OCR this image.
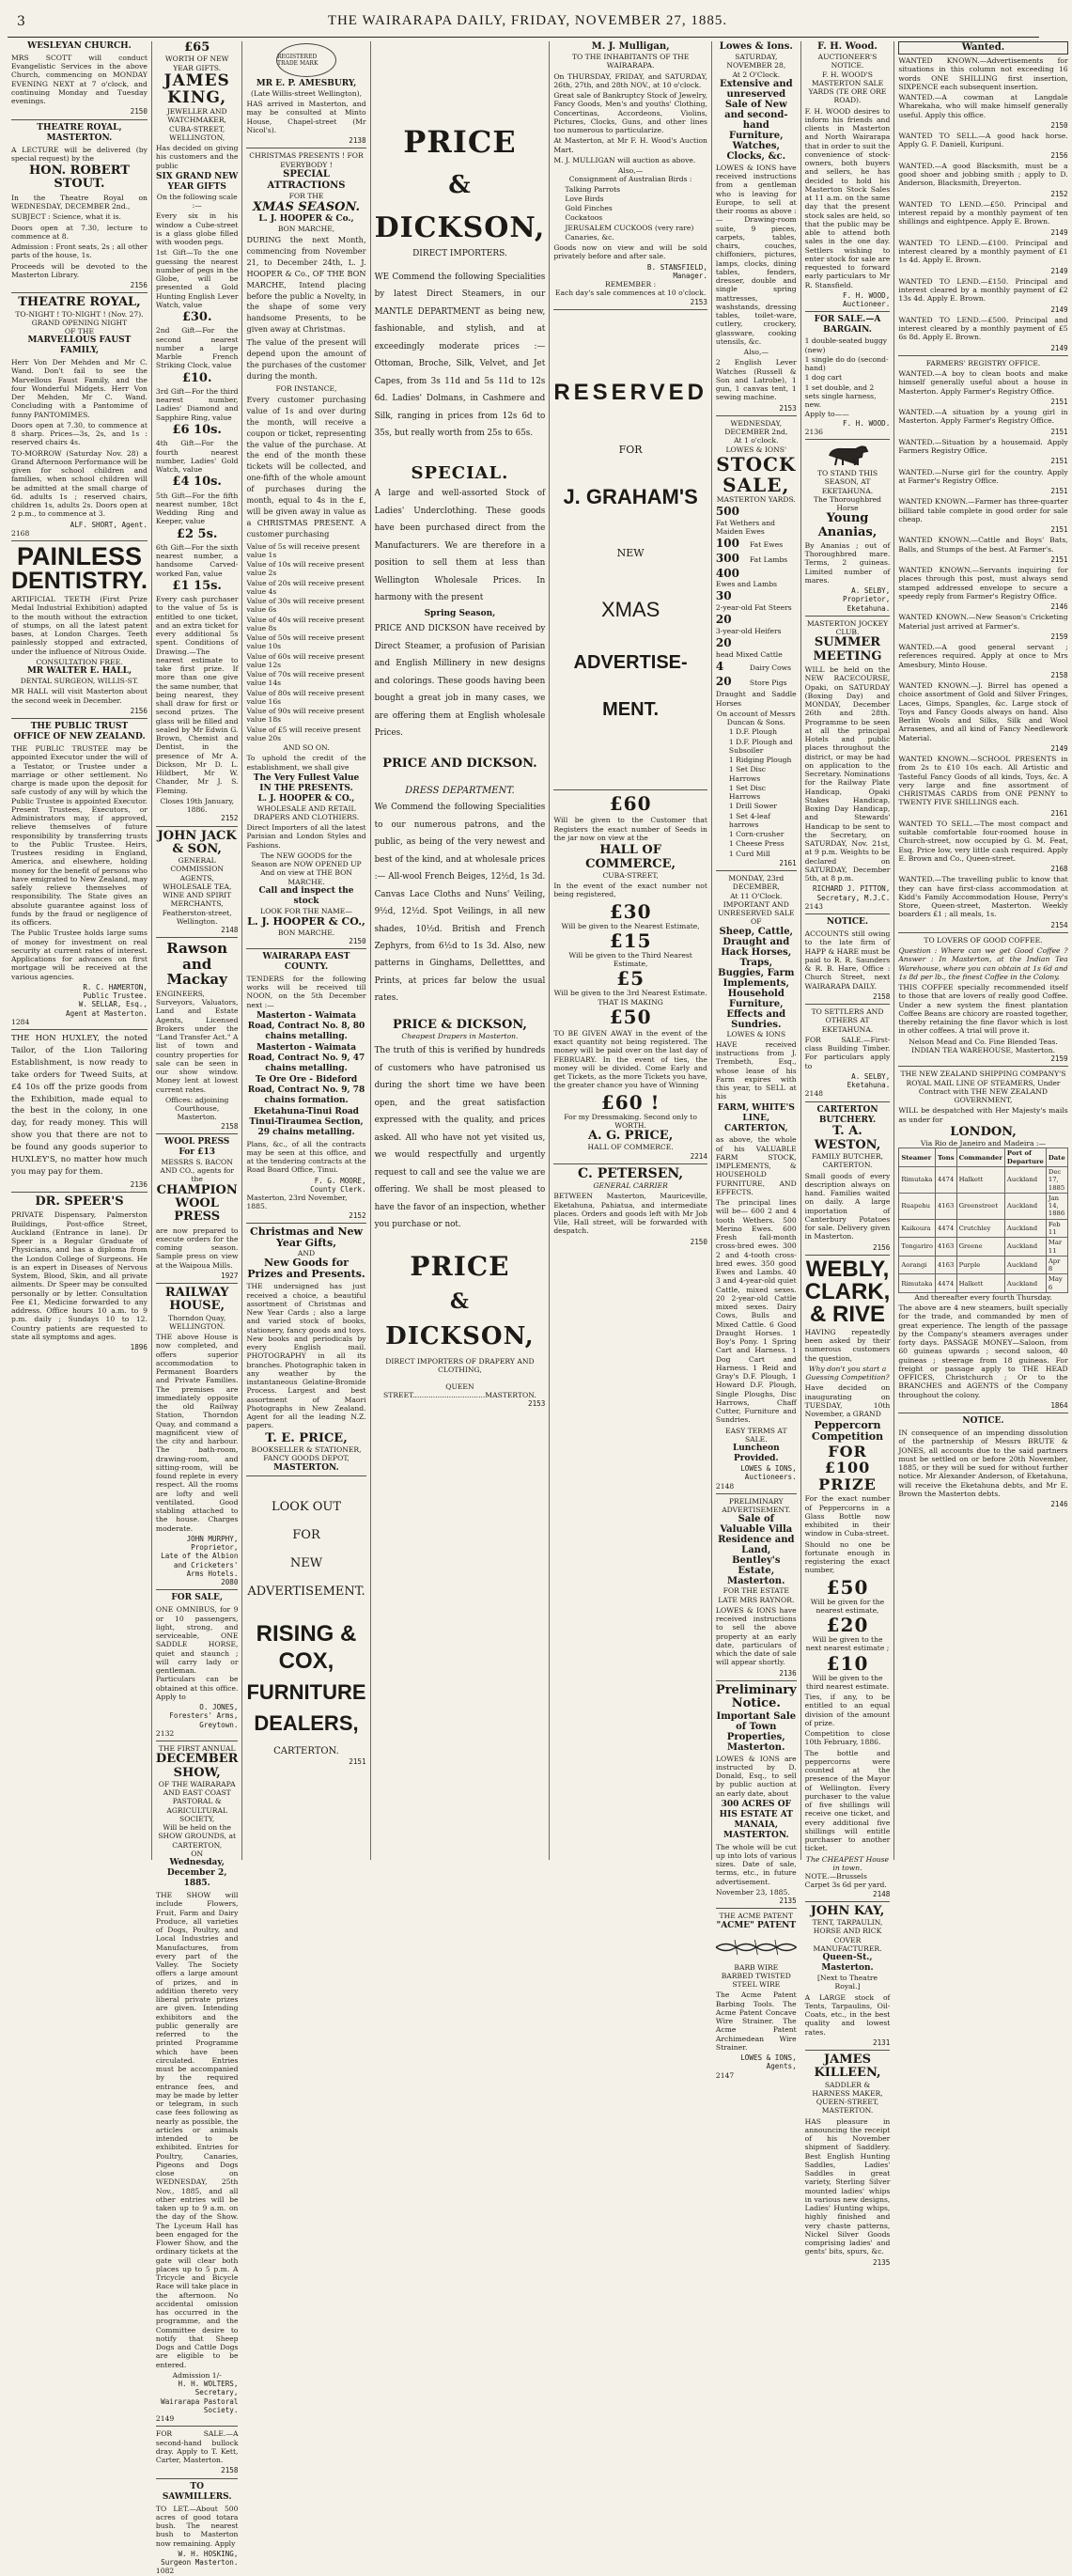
3	THE WAIRARAPA DAILY, FRIDAY, NOVEMBER 27, 1885.
WESLEYAN CHURCH.

MRS SCOTT will conduct Evangelistic Services in the above Church, commencing on MONDAY EVENING NEXT at 7 o'clock, and continuing Monday and Tuesday evenings.

2150
THEATRE ROYAL, MASTERTON.

A LECTURE will be delivered (by special request) by the

HON. ROBERT STOUT.

In the Theatre Royal on WEDNESDAY, DECEMBER 2nd.,

SUBJECT : Science, what it is.

Doors open at 7.30, lecture to commence at 8.

Admission : Front seats, 2s ; all other parts of the house, 1s.

Proceeds will be devoted to the Masterton Library.

2156
THEATRE ROYAL,
TO-NIGHT ! TO-NIGHT ! (Nov. 27).
GRAND OPENING NIGHT
OF THE
MARVELLOUS FAUST FAMILY,

Herr Von Der Mehden and Mr C. Wand. Don't fail to see the Marvellous Faust Family, and the four Wonderful Midgets. Herr Von Der Mehden, Mr C. Wand. Concluding with a Pantomime of funny PANTOMIMES.

Doors open at 7.30, to commence at 8 sharp. Prices—3s, 2s, and 1s : reserved chairs 4s.

TO-MORROW (Saturday Nov. 28) a Grand Afternoon Performance will be given for school children and families, when school children will be admitted at the small charge of 6d. adults 1s ; reserved chairs, children 1s, adults 2s. Doors open at 2 p.m., to commence at 3.

ALF. SHORT, Agent.
2168
PAINLESS
DENTISTRY.

ARTIFICIAL TEETH (First Prize Medal Industrial Exhibition) adapted to the mouth without the extraction of stumps, on all the latest patent bases, at London Charges. Teeth painlessly stopped and extracted, under the influence of Nitrous Oxide.

CONSULTATION FREE.
MR WALTER E. HALL,
DENTAL SURGEON, WILLIS-ST.

MR HALL will visit Masterton about the second week in December.

2156
THE PUBLIC TRUST OFFICE OF NEW ZEALAND.

THE PUBLIC TRUSTEE may be appointed Executor under the will of a Testator, or Trustee under a marriage or other settlement. No charge is made upon the deposit for safe custody of any will by which the Public Trustee is appointed Executor. Present Trustees, Executors, or Administrators may, if approved, relieve themselves of future responsibility by transferring trusts to the Public Trustee. Heirs, Trustees residing in England, America, and elsewhere, holding money for the benefit of persons who have emigrated to New Zealand, may safely relieve themselves of responsibility. The State gives an absolute guarantee against loss of funds by the fraud or negligence of its officers.

The Public Trustee holds large sums of money for investment on real security at current rates of interest. Applications for advances on first mortgage will be received at the various agencies.

R. C. HAMERTON,
Public Trustee.
W. SELLAR, Esq.,
Agent at Masterton.
1284

THE HON HUXLEY, the noted Tailor, of the Lion Tailoring Establishment, is now ready to take orders for Tweed Suits, at £4 10s off the prize goods from the Exhibition, made equal to the best in the colony, in one day, for ready money. This will show you that there are not to be found any goods superior to HUXLEY'S, no matter how much you may pay for them.

2136
DR. SPEER'S

PRIVATE Dispensary, Palmerston Buildings, Post-office Street, Auckland (Entrance in lane). Dr Speer is a Regular Graduate of Physicians, and has a diploma from the London College of Surgeons. He is an expert in Diseases of Nervous System, Blood, Skin, and all private ailments. Dr Speer may be consulted personally or by letter. Consultation Fee £1, Medicine forwarded to any address. Office hours 10 a.m. to 9 p.m. daily ; Sundays 10 to 12. Country patients are requested to state all symptoms and ages.

1896
£65
WORTH OF NEW YEAR GIFTS.
JAMES KING,
JEWELLER AND WATCHMAKER,
CUBA-STREET, WELLINGTON,

Has decided on giving his customers and the public

SIX GRAND NEW YEAR GIFTS
On the following scale :—

Every six in his window a Cube-street is a glass globe filled with wooden pegs.

1st Gift—To the one guessing the nearest number of pegs in the Globe, will be presented a Gold Hunting English Lever Watch, value

£30.

2nd Gift—For the second nearest number a large Marble French Striking Clock, value

£10.

3rd Gift—For the third nearest number, Ladies' Diamond and Sapphire Ring, value

£6 10s.

4th Gift—For the fourth nearest number, Ladies' Gold Watch, value

£4 10s.

5th Gift—For the fifth nearest number, 18ct Wedding Ring and Keeper, value

£2 5s.

6th Gift—For the sixth nearest number, a handsome Carved-worked Fan, value

£1 15s.

Every cash purchaser to the value of 5s is entitled to one ticket, and an extra ticket for every additional 5s spent. Conditions of Drawing.—The nearest estimate to take first prize. If more than one give the same number, that being nearest, they shall draw for first or second prizes. The glass will be filled and sealed by Mr Edwin G. Brown, Chemist and Dentist, in the presence of Mr A. Dickson, Mr D. L. Hildbert, Mr W. Chander, Mr J. S. Fleming.

Closes 19th January, 1886.
2152
JOHN JACK & SON,
GENERAL COMMISSION AGENTS, WHOLESALE TEA, WINE AND SPIRIT MERCHANTS,
Featherston-street, Wellington.
2148
Rawson and Mackay

ENGINEERS, Surveyors, Valuators, Land and Estate Agents, Licensed Brokers under the "Land Transfer Act." A list of town and country properties for sale can be seen in our show window. Money lent at lowest current rates.

Offices: adjoining Courthouse, Masterton.
2158
WOOL PRESS For £13
MESSRS S. BACON AND CO., agents for the
CHAMPION WOOL PRESS

are now prepared to execute orders for the coming season. Sample press on view at the Waipoua Mills.

1927
RAILWAY HOUSE,
Thorndon Quay, WELLINGTON.

THE above House is now completed, and offers superior accommodation to Permanent Boarders and Private Families. The premises are immediately opposite the old Railway Station, Thorndon Quay, and command a magnificent view of the city and harbour. The bath-room, drawing-room, and sitting-room, will be found replete in every respect. All the rooms are lofty and well ventilated. Good stabling attached to the house. Charges moderate.

JOHN MURPHY, Proprietor,
Late of the Albion and Cricketers' Arms Hotels.
2080
FOR SALE,

ONE OMNIBUS, for 9 or 10 passengers, light, strong, and serviceable, ONE SADDLE HORSE, quiet and staunch ; will carry lady or gentleman. Particulars can be obtained at this office. Apply to

O. JONES,
Foresters' Arms, Greytown.
2132
THE FIRST ANNUAL
DECEMBER SHOW,
OF THE WAIRARAPA AND EAST COAST PASTORAL & AGRICULTURAL SOCIETY,
Will be held on the SHOW GROUNDS, at CARTERTON,
ON
Wednesday, December 2, 1885.

THE SHOW will include Flowers, Fruit, Farm and Dairy Produce, all varieties of Dogs, Poultry, and Local Industries and Manufactures, from every part of the Valley. The Society offers a large amount of prizes, and in addition thereto very liberal private prizes are given. Intending exhibitors and the public generally are referred to the printed Programme which have been circulated. Entries must be accompanied by the required entrance fees, and may be made by letter or telegram, in such case fees following as nearly as possible, the articles or animals intended to be exhibited. Entries for Poultry, Canaries, Pigeons and Dogs close on WEDNESDAY, 25th Nov., 1885, and all other entries will be taken up to 9 a.m. on the day of the Show. The Lyceum Hall has been engaged for the Flower Show, and the ordinary tickets at the gate will clear both places up to 5 p.m. A Tricycle and Bicycle Race will take place in the afternoon. No accidental omission has occurred in the programme, and the Committee desire to notify that Sheep Dogs and Cattle Dogs are eligible to be entered.

Admission 1/-
H. H. WOLTERS,
Secretary,
Wairarapa Pastoral Society.
2149

FOR SALE.—A second-hand bullock dray. Apply to T. Kett, Carter, Masterton.

2158
TO SAWMILLERS.

TO LET.—About 500 acres of good totara bush. The nearest bush to Masterton now remaining. Apply

W. H. HOSKING,
Surgeon Masterton.
1082
REGISTERED TRADE MARK
MR E. P. AMESBURY,
(Late Willis-street Wellington),

HAS arrived in Masterton, and may be consulted at Minto House, Chapel-street (Mr Nicol's).

2138
CHRISTMAS PRESENTS ! FOR EVERYBODY !
SPECIAL ATTRACTIONS
FOR THE
XMAS SEASON.
L. J. HOOPER & Co.,
BON MARCHE,

DURING the next Month, commencing from November 21, to December 24th, L. J. HOOPER & Co., OF THE BON MARCHE, Intend placing before the public a Novelty, in the shape of some very handsome Presents, to be given away at Christmas.

The value of the present will depend upon the amount of the purchases of the customer during the month.

FOR INSTANCE,

Every customer purchasing value of 1s and over during the month, will receive a coupon or ticket, representing the value of the purchase. At the end of the month these tickets will be collected, and one-fifth of the whole amount of purchases during the month, equal to 4s in the £, will be given away in value as a CHRISTMAS PRESENT. A customer purchasing

Value of 5s will receive present value 1s
Value of 10s will receive present value 2s
Value of 20s will receive present value 4s
Value of 30s will receive present value 6s
Value of 40s will receive present value 8s
Value of 50s will receive present value 10s
Value of 60s will receive present value 12s
Value of 70s will receive present value 14s
Value of 80s will receive present value 16s
Value of 90s will receive present value 18s
Value of £5 will receive present value 20s
AND SO ON.

To uphold the credit of the establishment, we shall give

The Very Fullest Value IN THE PRESENTS.
L. J. HOOPER & CO.,
WHOLESALE AND RETAIL DRAPERS AND CLOTHIERS.

Direct Importers of all the latest Parisian and London Styles and Fashions.

The NEW GOODS for the Season are NOW OPENED UP
And on view at THE BON MARCHE.
Call and inspect the stock
LOOK FOR THE NAME—
L. J. HOOPER & CO.,
BON MARCHE.
2150
WAIRARAPA EAST COUNTY.

TENDERS for the following works will be received till NOON, on the 5th December next :—

Masterton - Waimata Road, Contract No. 8, 80 chains metalling.
Masterton - Waimata Road, Contract No. 9, 47 chains metalling.
Te Ore Ore - Bideford Road, Contract No. 9, 78 chains formation.
Eketahuna-Tinui Road Tinui-Tiraumea Section, 29 chains metalling.

Plans, &c., of all the contracts may be seen at this office, and at the tendering contracts at the Road Board Office, Tinui.

F. G. MOORE,
County Clerk.
Masterton, 23rd November, 1885.
2152
Christmas and New Year Gifts,
AND
New Goods for Prizes and Presents.

THE undersigned has just received a choice, a beautiful assortment of Christmas and New Year Cards ; also a large and varied stock of books, stationery, fancy goods and toys. New books and periodicals by every English mail. PHOTOGRAPHY in all its branches. Photographic taken in any weather by the instantaneous Gelatine-Bromide Process. Largest and best assortment of Maori Photographs in New Zealand. Agent for all the leading N.Z. papers.

T. E. PRICE,
BOOKSELLER & STATIONER, FANCY GOODS DEPOT,
MASTERTON.
LOOK OUT
FOR
NEW
ADVERTISEMENT.
RISING & COX,
FURNITURE
DEALERS,
CARTERTON.
2151
PRICE
&
DICKSON,
DIRECT IMPORTERS.

WE Commend the following Specialities by latest Direct Steamers, in our MANTLE DEPARTMENT as being new, fashionable, and stylish, and at exceedingly moderate prices :— Ottoman, Broche, Silk, Velvet, and Jet Capes, from 3s 11d and 5s 11d to 12s 6d. Ladies' Dolmans, in Cashmere and Silk, ranging in prices from 12s 6d to 35s, but really worth from 25s to 65s.

SPECIAL.

A large and well-assorted Stock of Ladies' Underclothing. These goods have been purchased direct from the Manufacturers. We are therefore in a position to sell them at less than Wellington Wholesale Prices. In harmony with the present

Spring Season,

PRICE AND DICKSON have received by Direct Steamer, a profusion of Parisian and English Millinery in new designs and colorings. These goods having been bought a great job in many cases, we are offering them at English wholesale Prices.

PRICE AND DICKSON.
DRESS DEPARTMENT.

We Commend the following Specialities to our numerous patrons, and the public, as being of the very newest and best of the kind, and at wholesale prices :— All-wool French Beiges, 12½d, 1s 3d. Canvas Lace Cloths and Nuns' Veiling, 9½d, 12½d. Spot Veilings, in all new shades, 10½d. British and French Zephyrs, from 6½d to 1s 3d. Also, new patterns in Ginghams, Delletttes, and Prints, at prices far below the usual rates.

PRICE & DICKSON,
Cheapest Drapers in Masterton.

The truth of this is verified by hundreds of customers who have patronised us during the short time we have been open, and the great satisfaction expressed with the quality, and prices asked. All who have not yet visited us, we would respectfully and urgently request to call and see the value we are offering. We shall be most pleased to have the favor of an inspection, whether you purchase or not.

PRICE
&
DICKSON,
DIRECT IMPORTERS OF DRAPERY AND CLOTHING,
QUEEN STREET................................MASTERTON.
2153
M. J. Mulligan,
TO THE INHABITANTS OF THE WAIRARAPA.

On THURSDAY, FRIDAY, and SATURDAY, 26th, 27th, and 28th NOV., at 10 o'clock.

Great sale of Bankruptcy Stock of Jewelry, Fancy Goods, Men's and youths' Clothing, Concertinas, Accordeons, Violins, Pictures, Clocks, Guns, and other lines too numerous to particularize.

At Masterton, at Mr F. H. Wood's Auction Mart.

M. J. MULLIGAN will auction as above.

Also,—
Consignment of Australian Birds :
Talking Parrots
Love Birds
Gold Finches
Cockatoos
JERUSALEM CUCKOOS (very rare)
Canaries, &c.

Goods now on view and will be sold privately before and after sale.

B. STANSFIELD,
Manager.
REMEMBER :
Each day's sale commences at 10 o'clock.
2153
RESERVED
FOR
J. GRAHAM'S
NEW
XMAS
ADVERTISE-
MENT.
£60

Will be given to the Customer that Registers the exact number of Seeds in the jar now on view at the

HALL OF COMMERCE,
CUBA-STREET,

In the event of the exact number not being registered,

£30
Will be given to the Nearest Estimate,
£15
Will be given to the Third Nearest Estimate,
£5
Will be given to the 3rd Nearest Estimate.
THAT IS MAKING
£50

TO BE GIVEN AWAY in the event of the exact quantity not being registered. The money will be paid over on the last day of FEBRUARY. In the event of ties, the money will be divided. Come Early and get Tickets, as the more Tickets you have, the greater chance you have of Winning

£60 !
For my Dressmaking. Second only to WORTH.
A. G. PRICE,
HALL OF COMMERCE.
2214
C. PETERSEN,
GENERAL CARRIER

BETWEEN Masterton, Mauriceville, Eketahuna, Pahiatua, and intermediate places. Orders and goods left with Mr Job Vile, Hall street, will be forwarded with despatch.

2150
Lowes & Ions.
SATURDAY, NOVEMBER 28,
At 2 O'Clock.
Extensive and unreserved Sale of New and second-hand Furniture, Watches, Clocks, &c.

LOWES & IONS have received instructions from a gentleman who is leaving for Europe, to sell at their rooms as above :— Drawing-room suite, 9 pieces, carpets, tables, chairs, couches, chiffoniers, pictures, lamps, clocks, dining tables, fenders, dresser, double and single spring mattresses, washstands, dressing tables, toilet-ware, cutlery, crockery, glassware, cooking utensils, &c.

Also,—

2 English Lever Watches (Russell & Son and Latrobe), 1 gun, 1 canvas tent, 1 sewing machine.

2153
WEDNESDAY, DECEMBER 2nd,
At 1 o'clock.
LOWES & IONS'
STOCK SALE,
MASTERTON YARDS.
500Fat Wethers and Maiden Ewes
100 Fat Ewes
300 Fat Lambs
400Ewes and Lambs
302-year-old Fat Steers
203-year-old Heifers
20head Mixed Cattle
4	Dairy Cows
20	Store Pigs

Draught and Saddle Horses

On account of Messrs Duncan & Sons.
1 D.F. Plough
1 D.F. Plough and Subsoiler
1 Ridging Plough
1 Set Disc Harrows
1 Set Disc Harrows
1 Drill Sower
1 Set 4-leaf harrows
1 Corn-crusher
1 Cheese Press
1 Curd Mill
2161
MONDAY, 23rd DECEMBER,
At 11 O'Clock.
IMPORTANT AND UNRESERVED SALE OF
Sheep, Cattle, Draught and Hack Horses, Traps, Buggies, Farm Implements, Household Furniture, Effects and Sundries.
LOWES & IONS

HAVE received instructions from J. Trembeth, Esq., whose lease of his Farm expires with this year, to SELL at his

FARM, WHITE'S LINE, CARTERTON,

as above, the whole of his VALUABLE FARM STOCK, IMPLEMENTS, & HOUSEHOLD FURNITURE, AND EFFECTS.

The principal lines will be— 600 2 and 4 tooth Wethers. 500 Merino Ewes. 600 Fresh fall-month cross-bred ewes. 300 2 and 4-tooth cross-bred ewes. 350 good Ewes and Lambs. 40 3 and 4-year-old quiet Cattle, mixed sexes. 20 2-year-old Cattle mixed sexes. Dairy Cows, Bulls and Mixed Cattle. 6 Good Draught Horses. 1 Boy's Pony. 1 Spring Cart and Harness. 1 Dog Cart and Harness. 1 Reid and Gray's D.F. Plough, 1 Howard D.F. Plough, Single Ploughs, Disc Harrows, Chaff Cutter, Furniture and Sundries.

EASY TERMS AT SALE.
Luncheon Provided.
LOWES & IONS,
Auctioneers.
2148
PRELIMINARY ADVERTISEMENT.
Sale of Valuable Villa Residence and Land, Bentley's Estate, Masterton.
FOR THE ESTATE LATE MRS RAYNOR.

LOWES & IONS have received instructions to sell the above property at an early date, particulars of which the date of sale will appear shortly.

2136
Preliminary Notice.
Important Sale of Town Properties, Masterton.

LOWES & IONS are instructed by D. Donald, Esq., to sell by public auction at an early date, about

300 ACRES OF HIS ESTATE AT MANAIA, MASTERTON.

The whole will be cut up into lots of various sizes. Date of sale, terms, etc., in future advertisement.

November 23, 1885.
2135
THE ACME PATENT
"ACME" PATENT
BARB WIRE
BARBED TWISTED STEEL WIRE

The Acme Patent Barbing Tools. The Acme Patent Concave Wire Strainer. The Acme Patent Archimedean Wire Strainer.

LOWES & IONS,
Agents,
2147
F. H. Wood.
AUCTIONEER'S NOTICE.
F. H. WOOD'S MASTERTON SALE YARDS (TE ORE ORE ROAD).

F. H. WOOD desires to inform his friends and clients in Masterton and North Wairarapa that in order to suit the convenience of stock-owners, both buyers and sellers, he has decided to hold his Masterton Stock Sales at 11 a.m. on the same day that the present stock sales are held, so that the public may be able to attend both sales in the one day. Settlers wishing to enter stock for sale are requested to forward early particulars to Mr R. Stansfield.

F. H. WOOD,
Auctioneer.
FOR SALE.—A BARGAIN.
1 double-seated buggy (new)
1 single do do (second-hand)
1 dog cart
1 set double, and 2 sets single harness, new.
Apply to——
F. H. WOOD.
2136
TO STAND THIS SEASON, AT EKETAHUNA.
The Thoroughbred Horse
Young Ananias,

By Ananias ; out of Thoroughbred mare. Terms, 2 guineas. Limited number of mares.

A. SELBY,
Proprietor, Eketahuna.
MASTERTON JOCKEY CLUB.
SUMMER MEETING

WILL be held on the NEW RACECOURSE, Opaki, on SATURDAY (Boxing Day) and MONDAY, December 26th and 28th. Programme to be seen at all the principal Hotels and public places throughout the district, or may be had on application to the Secretary. Nominations for the Railway Plate Handicap, Opaki Stakes Handicap, Boxing Day Handicap, and Stewards' Handicap to be sent to the Secretary, on SATURDAY, Nov. 21st, at 9 p.m. Weights to be declared on SATURDAY, December 5th, at 8 p.m.

RICHARD J. PITTON,
Secretary, M.J.C.
2143
NOTICE.

ACCOUNTS still owing to the late firm of HAPP & HARE must be paid to R. R. Saunders & R. B. Hare, Office : Church Street, next WAIRARAPA DAILY.

2158
TO SETTLERS AND OTHERS AT EKETAHUNA.

FOR SALE.—First-class Building Timber. For particulars apply to

A. SELBY, Eketahuna.
2148
CARTERTON BUTCHERY.
T. A. WESTON,
FAMILY BUTCHER, CARTERTON.

Small goods of every description always on hand. Families waited on daily. A large importation of Canterbury Potatoes for sale. Delivery given in Masterton.

2156
WEBLY,
CLARK,
& RIVE

HAVING repeatedly been asked by their numerous customers the question,

Why don't you start a Guessing Competition?

Have decided on inaugurating on TUESDAY, 10th November, a GRAND

Peppercorn Competition
FOR £100 PRIZE

For the exact number of Peppercorns in a Glass Bottle now exhibited in their window in Cuba-street.

Should no one be fortunate enough in registering the exact number,

£50
Will be given for the nearest estimate,
£20
Will be given to the next nearest estimate ;
£10
Will be given to the third nearest estimate.

Ties, if any, to be entitled to an equal division of the amount of prize.

Competition to close 10th February, 1886.

The bottle and peppercorns were counted at the presence of the Mayor of Wellington. Every purchaser to the value of five shillings will receive one ticket, and every additional five shillings will entitle purchaser to another ticket.

The CHEAPEST House in town.
NOTE.—Brussels Carpet 3s 6d per yard.
2148
JOHN KAY,
TENT, TARPAULIN, HORSE AND RICK COVER MANUFACTURER.
Queen-St., Masterton.
[Next to Theatre Royal.]

A LARGE stock of Tents, Tarpaulins, Oil-Coats, etc., in the best quality and lowest rates.

2131
JAMES KILLEEN,
SADDLER & HARNESS MAKER,
QUEEN-STREET, MASTERTON.

HAS pleasure in announcing the receipt of his November shipment of Saddlery. Best English Hunting Saddles, Ladies' Saddles in great variety, Sterling Silver mounted ladies' whips in various new designs, Ladies' Hunting whips, highly finished and very chaste patterns, Nickel Silver Goods comprising ladies' and gents' bits, spurs, &c.

2135
Wanted.

WANTED KNOWN.—Advertisements for situations in this column not exceeding 16 words ONE SHILLING first insertion, SIXPENCE each subsequent insertion.

WANTED.—A cowman at Langdale Wharekaha, who will make himself generally useful. Apply this office.

2150

WANTED TO SELL.—A good hack horse. Apply G. F. Daniell, Kuripuni.

2156

WANTED.—A good Blacksmith, must be a good shoer and jobbing smith ; apply to D. Anderson, Blacksmith, Dreyerton.

2152

WANTED TO LEND.—£50. Principal and interest repaid by a monthly payment of ten shillings and eightpence. Apply E. Brown.

2149

WANTED TO LEND.—£100. Principal and interest cleared by a monthly payment of £1 1s 4d. Apply E. Brown.

2149

WANTED TO LEND.—£150. Principal and interest cleared by a monthly payment of £2 13s 4d. Apply E. Brown.

2149

WANTED TO LEND.—£500. Principal and interest cleared by a monthly payment of £5 6s 8d. Apply E. Brown.

2149
FARMERS' REGISTRY OFFICE.

WANTED.—A boy to clean boots and make himself generally useful about a house in Masterton. Apply Farmer's Registry Office.

2151

WANTED.—A situation by a young girl in Masterton. Apply Farmer's Registry Office.

2151

WANTED.—Situation by a housemaid. Apply Farmers Registry Office.

2151

WANTED.—Nurse girl for the country. Apply at Farmer's Registry Office.

2151

WANTED KNOWN.—Farmer has three-quarter billiard table complete in good order for sale cheap.

2151

WANTED KNOWN.—Cattle and Boys' Bats, Balls, and Stumps of the best. At Farmer's.

2151

WANTED KNOWN.—Servants inquiring for places through this post, must always send stamped addressed envelope to secure a speedy reply from Farmer's Registry Office.

2146

WANTED KNOWN.—New Season's Cricketing Material just arrived at Farmer's.

2159

WANTED.—A good general servant ; references required. Apply at once to Mrs Amesbury, Minto House.

2158

WANTED KNOWN.—J. Birrel has opened a choice assortment of Gold and Silver Fringes, Laces, Gimps, Spangles, &c. Large stock of Toys and Fancy Goods always on hand. Also Berlin Wools and Silks, Silk and Wool Arrasenes, and all kind of Fancy Needlework Material.

2149

WANTED KNOWN.—SCHOOL PRESENTS in from 2s to £10 10s each. All Artistic and Tasteful Fancy Goods of all kinds, Toys, &c. A very large and fine assortment of CHRISTMAS CARDS from ONE PENNY to TWENTY FIVE SHILLINGS each.

2161

WANTED TO SELL.—The most compact and suitable comfortable four-roomed house in Church-street, now occupied by G. M. Feat, Esq. Price low, very little cash required. Apply E. Brown and Co., Queen-street.

2168

WANTED.—The travelling public to know that they can have first-class accommodation at Kidd's Family Accommodation House, Perry's Store, Queen-street, Masterton. Weekly boarders £1 ; all meals, 1s.

2154
TO LOVERS OF GOOD COFFEE.

Question : Where can we get Good Coffee ? Answer : In Masterton, at the Indian Tea Warehouse, where you can obtain at 1s 6d and 1s 8d per lb., the finest Coffee in the Colony.

THIS COFFEE specially recommended itself to those that are lovers of really good Coffee. Under a new system the finest plantation Coffee Beans are chicory are roasted together, thereby retaining the fine flavor which is lost in other coffees. A trial will prove it.

Nelson Mead and Co. Fine Blended Teas.
INDIAN TEA WAREHOUSE, Masterton.
2159
THE NEW ZEALAND SHIPPING COMPANY'S ROYAL MAIL LINE OF STEAMERS, Under Contract with THE NEW ZEALAND GOVERNMENT,

WILL be despatched with Her Majesty's mails as under for

LONDON,
Via Rio de Janeiro and Madeira :—
Steamer	Tons	Commander	Port of Departure	Date
Rimutaka	4474	Halkett	Auckland	Dec 17, 1885
Ruapehu	4163	Greenstreet	Auckland	Jan 14, 1886
Kaikoura	4474	Crutchley	Auckland	Feb 11
Tongariro	4163	Greene	Auckland	Mar 11
Aorangi	4163	Purple	Auckland	Apr 8
Rimutaka	4474	Halkett	Auckland	May 6
And thereafter every fourth Thursday.

The above are 4 new steamers, built specially for the trade, and commanded by men of great experience. The length of the passage by the Company's steamers averages under forty days. PASSAGE MONEY—Saloon, from 60 guineas upwards ; second saloon, 40 guineas ; steerage from 18 guineas. For freight or passage apply to THE HEAD OFFICES, Christchurch ; Or to the BRANCHES and AGENTS of the Company throughout the colony.

1864
NOTICE.

IN consequence of an impending dissolution of the partnership of Messrs BRUTE & JONES, all accounts due to the said partners must be settled on or before 20th November, 1885, or they will be sued for without further notice. Mr Alexander Anderson, of Eketahuna, will receive the Eketahuna debts, and Mr E. Brown the Masterton debts.

2146
